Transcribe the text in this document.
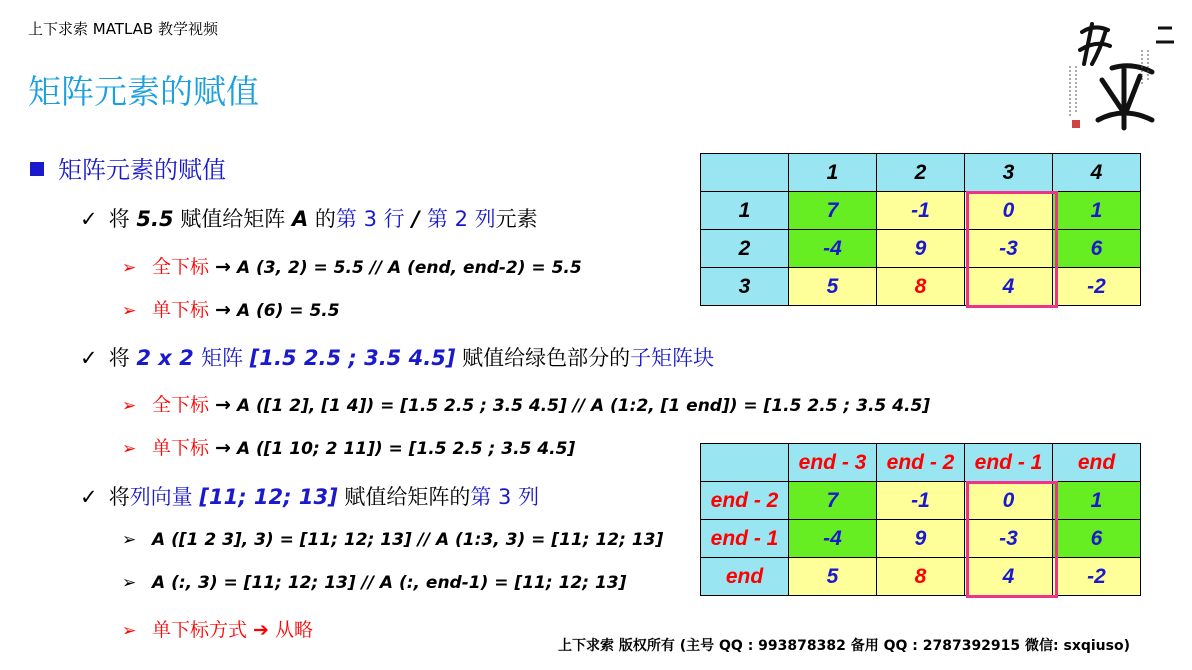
上下求索 MATLAB 教学视频
矩阵元素的赋值
矩阵元素的赋值
✓ 将 5.5 赋值给矩阵 A 的第 3 行 / 第 2 列元素
➢ 全下标 → A (3, 2) = 5.5 // A (end, end-2) = 5.5
➢ 单下标 → A (6) = 5.5
✓ 将 2 x 2 矩阵 [1.5 2.5 ; 3.5 4.5] 赋值给绿色部分的子矩阵块
➢ 全下标 → A ([1 2], [1 4]) = [1.5 2.5 ; 3.5 4.5] // A (1:2, [1 end]) = [1.5 2.5 ; 3.5 4.5]
➢ 单下标 → A ([1 10; 2 11]) = [1.5 2.5 ; 3.5 4.5]
✓ 将列向量 [11; 12; 13] 赋值给矩阵的第 3 列
➢ A ([1 2 3], 3) = [11; 12; 13] // A (1:3, 3) = [11; 12; 13]
➢ A (:, 3) = [11; 12; 13] // A (:, end-1) = [11; 12; 13]
➢ 单下标方式 ➔ 从略
	1	2	3	4
1	7	-1	0	1
2	-4	9	-3	6
3	5	8	4	-2
	end - 3	end - 2	end - 1	end
end - 2	7	-1	0	1
end - 1	-4	9	-3	6
end	5	8	4	-2
上下求索 版权所有 (主号 QQ : 993878382 备用 QQ : 2787392915 微信: sxqiuso)
